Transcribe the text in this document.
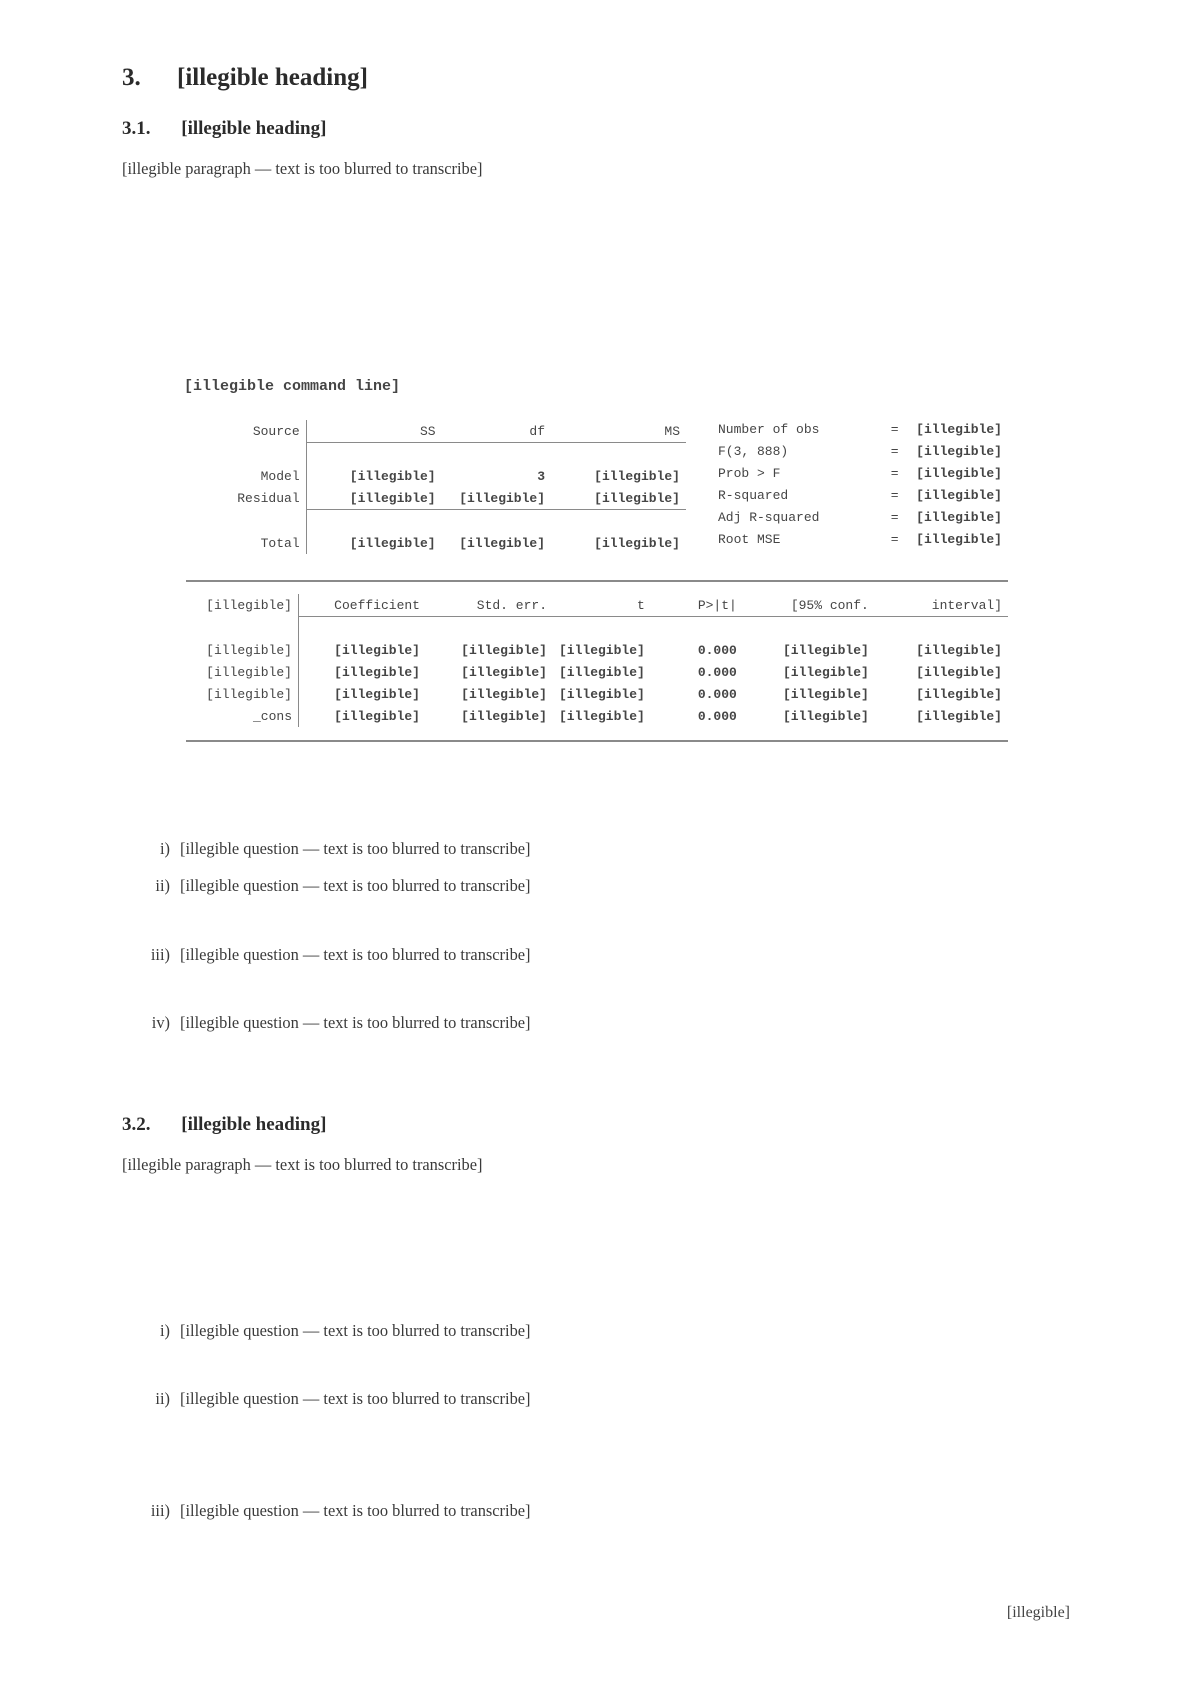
3. [illegible heading]
3.1. [illegible heading]
[illegible paragraph — text is too blurred to transcribe]
[illegible command line]
Source	SS	df	MS

Model	[illegible]	3	[illegible]
Residual	[illegible]	[illegible]	[illegible]

Total	[illegible]	[illegible]	[illegible]
Number of obs	=	[illegible]
F(3, 888)	=	[illegible]
Prob > F	=	[illegible]
R-squared	=	[illegible]
Adj R-squared	=	[illegible]
Root MSE	=	[illegible]
[illegible]	Coefficient	Std. err.	t	P>|t|	[95% conf.	interval]

[illegible]	[illegible]	[illegible]	[illegible]	0.000	[illegible]	[illegible]
[illegible]	[illegible]	[illegible]	[illegible]	0.000	[illegible]	[illegible]
[illegible]	[illegible]	[illegible]	[illegible]	0.000	[illegible]	[illegible]
_cons	[illegible]	[illegible]	[illegible]	0.000	[illegible]	[illegible]
i) [illegible question — text is too blurred to transcribe]
ii) [illegible question — text is too blurred to transcribe]
iii) [illegible question — text is too blurred to transcribe]
iv) [illegible question — text is too blurred to transcribe]
3.2. [illegible heading]
[illegible paragraph — text is too blurred to transcribe]
i) [illegible question — text is too blurred to transcribe]
ii) [illegible question — text is too blurred to transcribe]
iii) [illegible question — text is too blurred to transcribe]
[illegible]
